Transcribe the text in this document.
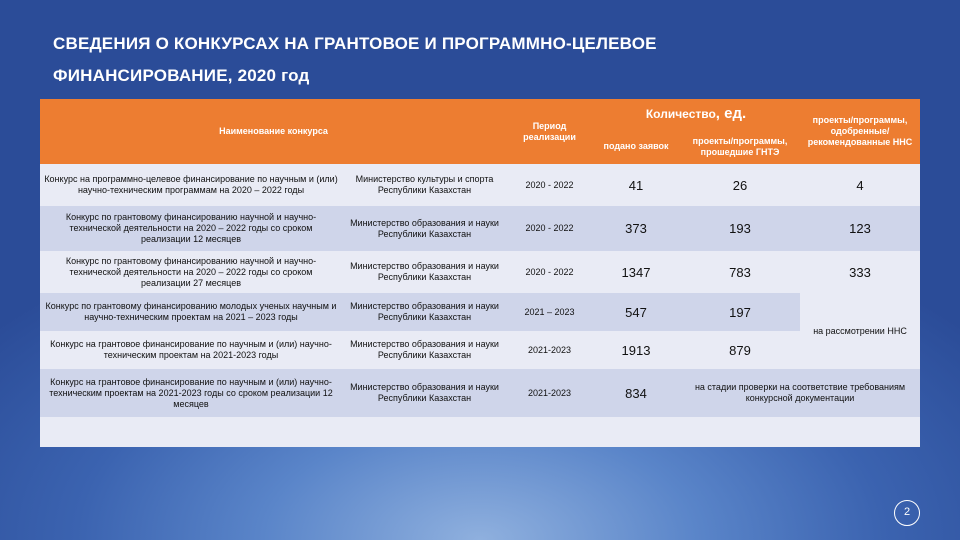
СВЕДЕНИЯ О КОНКУРСАХ НА ГРАНТОВОЕ И ПРОГРАММНО-ЦЕЛЕВОЕ
ФИНАНСИРОВАНИЕ, 2020 год
Наименование конкурса		Период реализации	Количество, ед.		проекты/программы, одобренные/рекомендованные ННС
			подано заявок	проекты/программы, прошедшие ГНТЭ	
Конкурс на программно-целевое финансирование по научным и (или) научно-техническим программам на 2020 – 2022 годы	Министерство культуры и спорта Республики Казахстан	2020 - 2022	41	26	4
Конкурс по грантовому финансированию научной и научно-технической деятельности на 2020 – 2022 годы со сроком реализации 12 месяцев	Министерство образования и науки Республики Казахстан	2020 - 2022	373	193	123
Конкурс по грантовому финансированию научной и научно-технической деятельности на 2020 – 2022 годы со сроком реализации 27 месяцев	Министерство образования и науки Республики Казахстан	2020 - 2022	1347	783	333
Конкурс по грантовому финансированию молодых ученых научным и научно-техническим проектам на 2021 – 2023 годы	Министерство образования и науки Республики Казахстан	2021 – 2023	547	197	на рассмотрении ННС
Конкурс на грантовое финансирование по научным и (или) научно-техническим проектам на 2021-2023 годы	Министерство образования и науки Республики Казахстан	2021-2023	1913	879	
Конкурс на грантовое финансирование по научным и (или) научно-техническим проектам на 2021-2023 годы со сроком реализации 12 месяцев	Министерство образования и науки Республики Казахстан	2021-2023	834	на стадии проверки на соответствие требованиям конкурсной документации	

2
